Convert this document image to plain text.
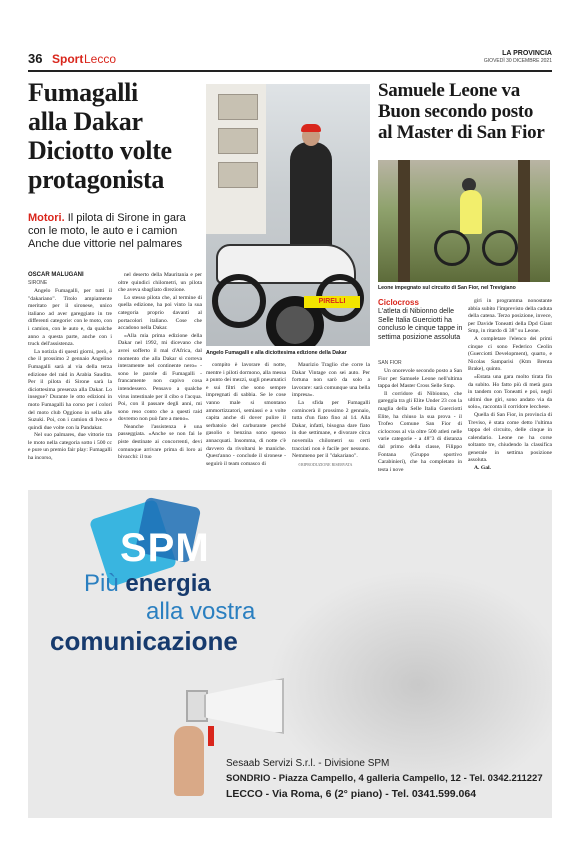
36 Sport Lecco	LA PROVINCIA
GIOVEDÌ 30 DICEMBRE 2021
Fumagalli
alla Dakar
Diciotto volte
protagonista
Motori. Il pilota di Sirone in gara con le moto, le auto e i camion Anche due vittorie nel palmares
OSCAR MALUGANI
SIRONE

Angelo Fumagalli, per tutti il "dakariano". Titolo ampiamente meritato per il sironese, unico italiano ad aver gareggiato in tre differenti categorie: con le moto, con i camion, con le auto e, da qualche anno a questa parte, anche con i truck dell'assistenza.

La notizia di questi giorni, però, è che il prossimo 2 gennaio Angelino Fumagalli sarà al via della terza edizione del raid in Arabia Saudita. Per il pilota di Sirone sarà la diciottesima presenza alla Dakar. Lo insegue? Durante le otto edizioni in moto Fumagalli ha corso per i colori del moto club Oggiono in sella alle Suzuki. Poi, con i camion di Iveco e quindi due volte con la Pandakar.

Nel suo palmares, due vittorie tra le moto nella categoria sotto i 500 cc e pure un premio fair play: Fumagalli ha incorso,

nel deserto della Mauritania e per oltre quindici chilometri, un pilota che aveva sbagliato direzione.

Lo stesso pilota che, al termine di quella edizione, ha poi vinto la sua categoria proprio davanti al portacolori italiano. Cose che accadono nella Dakar.

«Alla mia prima edizione della Dakar nel 1992, mi dicevano che avrei sofferto il mal d'Africa, dal momento che alla Dakar si correva interamente nel continente nero» - sono le parole di Fumagalli - francamente non capivo cosa intendessero. Pensavo a qualche virus intestinale per il cibo o l'acqua. Poi, con il passare degli anni, mi sono reso conto che a questi raid dovremo non può fare a meno».

Neanche l'assistenza è una passeggiata. «Anche se non fai le piste destinate ai concorrenti, devi comunque arrivare prima di loro ai bivacchi: il tuo

compito è lavorare di notte, mentre i piloti dormono, alla messa a punto dei mezzi, sugli pneumatici e sui filtri che sono sempre impregnati di sabbia. Se le cose vanno male si smontano ammortizzatori, semiassi e a volte capita anche di dover pulire il serbatoio del carburante perché gasolio o benzina sono spesso annacquati. Insomma, di notte c'è davvero da rivoltarsi le maniche. Quest'anno - conclude il sironese - seguirò il team comasco di

Maurizio Traglio che corre la Dakar Vintage con sei auto. Per fortuna non sarò da solo a lavorare: sarà comunque una bella impresa».

La sfida per Fumagalli comincerà il prossimo 2 gennaio, tutta d'un fiato fino al 14. Alla Dakar, infatti, bisogna dare fiato in due settimane, e divorare circa novemila chilometri su certi tracciati non è facile per nessuno. Nemmeno per il "dakariano".

©RIPRODUZIONE RISERVATA

PIRELLI
Angelo Fumagalli e alla diciottesima edizione della Dakar
Samuele Leone va
Buon secondo posto
al Master di San Fior
Leone impegnato sul circuito di San Fior, nel Trevigiano
Ciclocross
L'atleta di Nibionno delle Selle Italia Guerciotti ha concluso le cinque tappe in settima posizione assoluta
SAN FIOR

Un onorevole secondo posto a San Fior per Samuele Leone nell'ultima tappa del Master Cross Selle Smp.

Il corridore di Nibionno, che gareggia tra gli Elite Under 23 con la maglia della Selle Italia Guerciotti Elite, ha chiuso la sua prova - il Trofeo Comune San Fior di ciclocross al via oltre 500 atleti nelle varie categorie - a 48"3 di distanza dal primo della classe, Filippo Fontana (Gruppo sportivo Carabinieri), che ha completato in testa i nove

giri in programma nonostante abbia subito l'imprevisto della caduta della catena. Terzo posizione, invece, per Davide Toneatti della Dpd Giant Smp, in ritardo di 38" su Leone.

A completare l'elenco dei primi cinque ci sono Federico Ceolin (Guerciotti Development), quarto, e Nicolas Samparisi (Ktm Brenta Brake), quinto.

«Estata una gara molto tirata fin da subito. Ho fatto più di metà gara in tandem con Toneatti e poi, negli ultimi due giri, sono andato via da solo», racconta il corridore lecchese.

Quella di San Fior, in provincia di Treviso, è stata come detto l'ultima tappa del circuito, delle cinque in calendario. Leone ne ha corse soltanto tre, chiudendo la classifica generale in settima posizione assoluta.

A. Gal.

SPM
Più energia
alla vostra
comunicazione
Sesaab Servizi S.r.l. - Divisione SPM
SONDRIO - Piazza Campello, 4 galleria Campello, 12 - Tel. 0342.211227
LECCO - Via Roma, 6 (2° piano) - Tel. 0341.599.064
